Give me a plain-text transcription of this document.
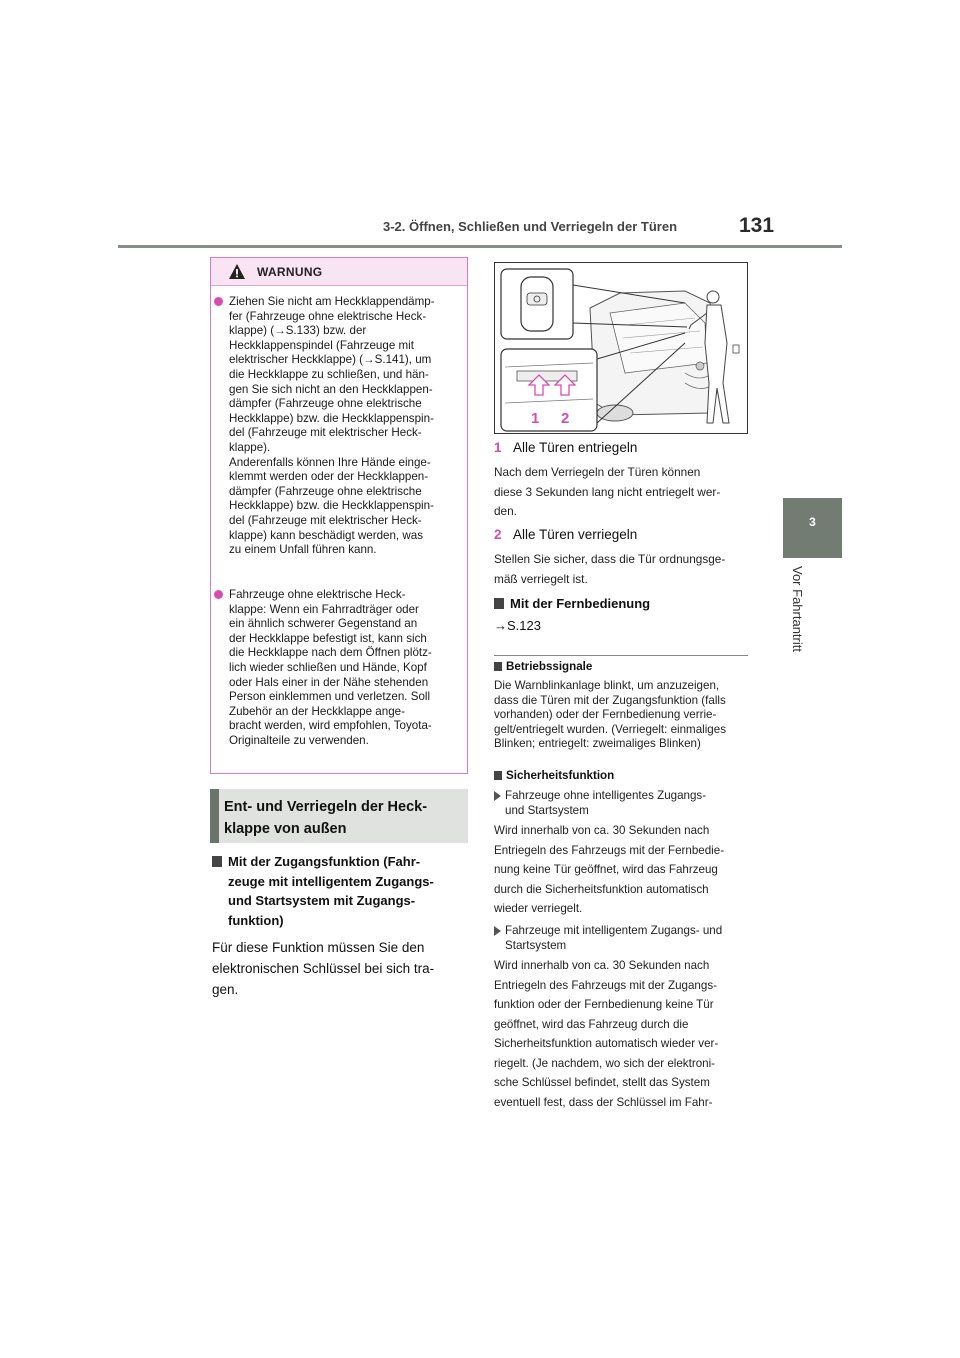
3-2. Öffnen, Schließen und Verriegeln der Türen	131
3
Vor Fahrtantritt
WARNUNG
Ziehen Sie nicht am Heckklappendämp-
fer (Fahrzeuge ohne elektrische Heck-
klappe) (→S.133) bzw. der
Heckklappenspindel (Fahrzeuge mit
elektrischer Heckklappe) (→S.141), um
die Heckklappe zu schließen, und hän-
gen Sie sich nicht an den Heckklappen-
dämpfer (Fahrzeuge ohne elektrische
Heckklappe) bzw. die Heckklappenspin-
del (Fahrzeuge mit elektrischer Heck-
klappe).
Anderenfalls können Ihre Hände einge-
klemmt werden oder der Heckklappen-
dämpfer (Fahrzeuge ohne elektrische
Heckklappe) bzw. die Heckklappenspin-
del (Fahrzeuge mit elektrischer Heck-
klappe) kann beschädigt werden, was
zu einem Unfall führen kann.
Fahrzeuge ohne elektrische Heck-
klappe: Wenn ein Fahrradträger oder
ein ähnlich schwerer Gegenstand an
der Heckklappe befestigt ist, kann sich
die Heckklappe nach dem Öffnen plötz-
lich wieder schließen und Hände, Kopf
oder Hals einer in der Nähe stehenden
Person einklemmen und verletzen. Soll
Zubehör an der Heckklappe ange-
bracht werden, wird empfohlen, Toyota-
Originalteile zu verwenden.
Ent- und Verriegeln der Heck-
klappe von außen
Mit der Zugangsfunktion (Fahr-
zeuge mit intelligentem Zugangs-
und Startsystem mit Zugangs-
funktion)
Für diese Funktion müssen Sie den
elektronischen Schlüssel bei sich tra-
gen.
1 2
1 Alle Türen entriegeln
Nach dem Verriegeln der Türen können
diese 3 Sekunden lang nicht entriegelt wer-
den.
2 Alle Türen verriegeln
Stellen Sie sicher, dass die Tür ordnungsge-
mäß verriegelt ist.
Mit der Fernbedienung
→S.123
Betriebssignale
Die Warnblinkanlage blinkt, um anzuzeigen,
dass die Türen mit der Zugangsfunktion (falls
vorhanden) oder der Fernbedienung verrie-
gelt/entriegelt wurden. (Verriegelt: einmaliges
Blinken; entriegelt: zweimaliges Blinken)
Sicherheitsfunktion
Fahrzeuge ohne intelligentes Zugangs-
und Startsystem
Wird innerhalb von ca. 30 Sekunden nach
Entriegeln des Fahrzeugs mit der Fernbedie-
nung keine Tür geöffnet, wird das Fahrzeug
durch die Sicherheitsfunktion automatisch
wieder verriegelt.
Fahrzeuge mit intelligentem Zugangs- und
Startsystem
Wird innerhalb von ca. 30 Sekunden nach
Entriegeln des Fahrzeugs mit der Zugangs-
funktion oder der Fernbedienung keine Tür
geöffnet, wird das Fahrzeug durch die
Sicherheitsfunktion automatisch wieder ver-
riegelt. (Je nachdem, wo sich der elektroni-
sche Schlüssel befindet, stellt das System
eventuell fest, dass der Schlüssel im Fahr-
